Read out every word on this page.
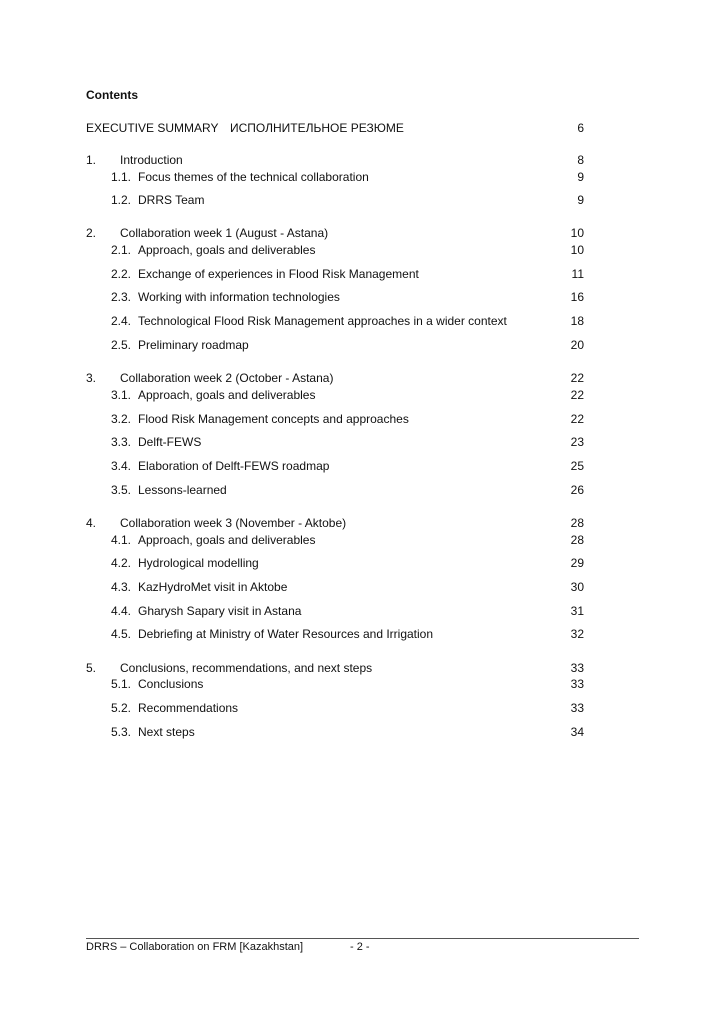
Contents
EXECUTIVE SUMMARY ИСПОЛНИТЕЛЬНОЕ РЕЗЮМЕ	6
1. Introduction	8
1.1. Focus themes of the technical collaboration	9
1.2. DRRS Team	9
2. Collaboration week 1 (August - Astana)	10
2.1. Approach, goals and deliverables	10
2.2. Exchange of experiences in Flood Risk Management	11
2.3. Working with information technologies	16
2.4. Technological Flood Risk Management approaches in a wider context	18
2.5. Preliminary roadmap	20
3. Collaboration week 2 (October - Astana)	22
3.1. Approach, goals and deliverables	22
3.2. Flood Risk Management concepts and approaches	22
3.3. Delft-FEWS	23
3.4. Elaboration of Delft-FEWS roadmap	25
3.5. Lessons-learned	26
4. Collaboration week 3 (November - Aktobe)	28
4.1. Approach, goals and deliverables	28
4.2. Hydrological modelling	29
4.3. KazHydroMet visit in Aktobe	30
4.4. Gharysh Sapary visit in Astana	31
4.5. Debriefing at Ministry of Water Resources and Irrigation	32
5. Conclusions, recommendations, and next steps	33
5.1. Conclusions	33
5.2. Recommendations	33
5.3. Next steps	34
DRRS – Collaboration on FRM [Kazakhstan]	- 2 -
